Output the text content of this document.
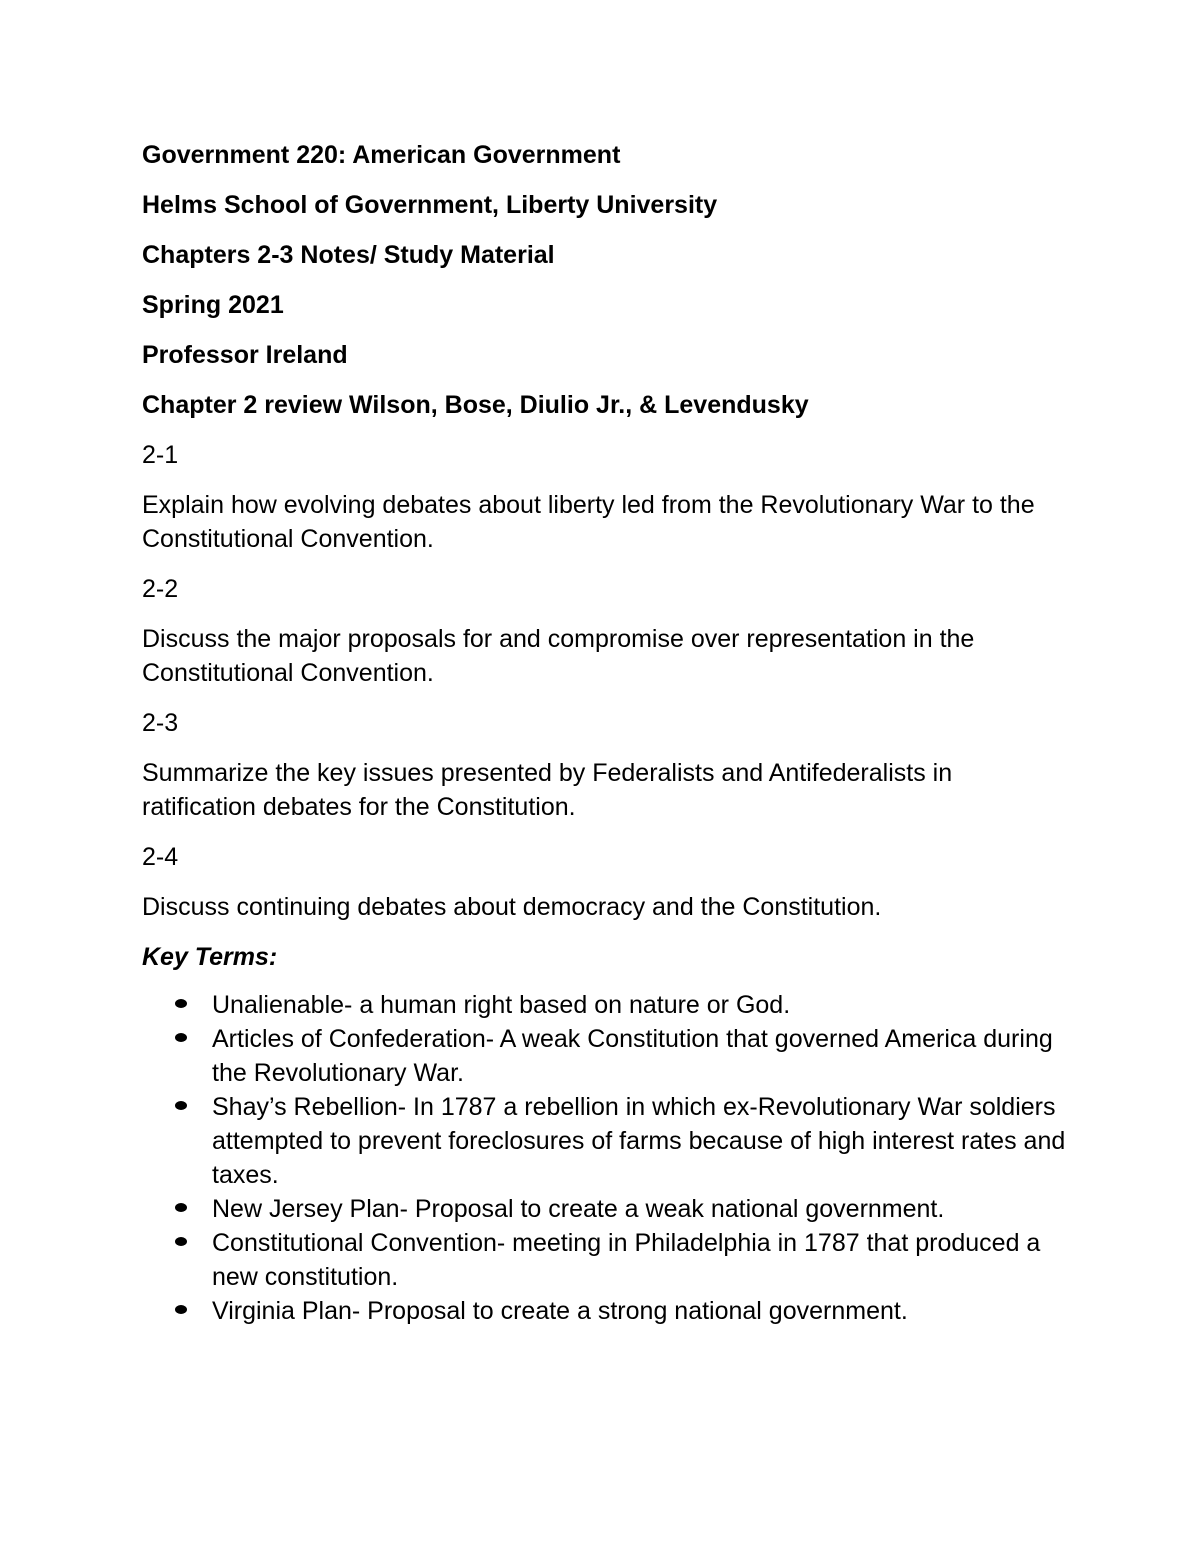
Government 220: American Government
Helms School of Government, Liberty University
Chapters 2-3 Notes/ Study Material
Spring 2021
Professor Ireland
Chapter 2 review Wilson, Bose, Diulio Jr., & Levendusky
2-1
Explain how evolving debates about liberty led from the Revolutionary War to the Constitutional Convention.
2-2
Discuss the major proposals for and compromise over representation in the Constitutional Convention.
2-3
Summarize the key issues presented by Federalists and Antifederalists in ratification debates for the Constitution.
2-4
Discuss continuing debates about democracy and the Constitution.
Key Terms:
Unalienable- a human right based on nature or God.
Articles of Confederation- A weak Constitution that governed America during the Revolutionary War.
Shay’s Rebellion- In 1787 a rebellion in which ex-Revolutionary War soldiers attempted to prevent foreclosures of farms because of high interest rates and taxes.
New Jersey Plan- Proposal to create a weak national government.
Constitutional Convention- meeting in Philadelphia in 1787 that produced a new constitution.
Virginia Plan- Proposal to create a strong national government.
